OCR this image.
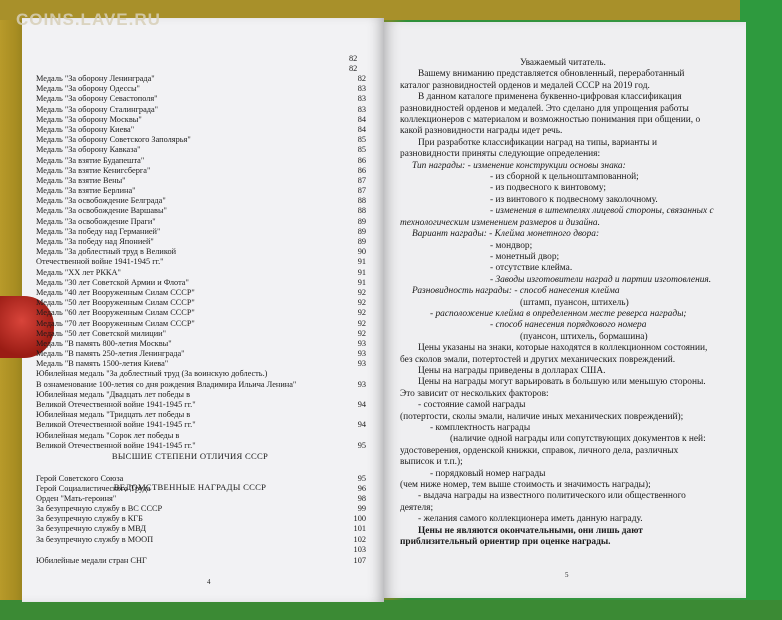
COINS.LAVE.RU
82
82
Медаль "За оборону Ленинграда"	82
Медаль "За оборону Одессы"	83
Медаль "За оборону Севастополя"	83
Медаль "За оборону Сталинграда"	83
Медаль "За оборону Москвы"	84
Медаль "За оборону Киева"	84
Медаль "За оборону Советского Заполярья"	85
Медаль "За оборону Кавказа"	85
Медаль "За взятие Будапешта"	86
Медаль "За взятие Кенигсберга"	86
Медаль "За взятие Вены"	87
Медаль "За взятие Берлина"	87
Медаль "За освобождение Белграда"	88
Медаль "За освобождение Варшавы"	88
Медаль "За освобождение Праги"	89
Медаль "За победу над Германией"	89
Медаль "За победу над Японией"	89
Медаль "За доблестный труд в Великой	90
Отечественной войне 1941-1945 гг."	91
Медаль "XX лет РККА"	91
Медаль "30 лет Советской Армии и Флота"	91
Медаль "40 лет Вооруженным Силам СССР"	92
Медаль "50 лет Вооруженным Силам СССР"	92
Медаль "60 лет Вооруженным Силам СССР"	92
Медаль "70 лет Вооруженным Силам СССР"	92
Медаль "50 лет Советской милиции"	92
Медаль "В память 800-летия Москвы"	93
Медаль "В память 250-летия Ленинграда"	93
Медаль "В память 1500-летия Киева"	93
Юбилейная медаль "За доблестный труд (За воинскую доблесть.)
В ознаменование 100-летия со дня рождения Владимира Ильича Ленина"	93
Юбилейная медаль "Двадцать лет победы в
Великой Отечественной войне 1941-1945 гг."	94
Юбилейная медаль "Тридцать лет победы в
Великой Отечественной войне 1941-1945 гг."	94
Юбилейная медаль "Сорок лет победы в
Великой Отечественной войне 1941-1945 гг."	95
ВЫСШИЕ СТЕПЕНИ ОТЛИЧИЯ СССР
Герой Советского Союза	95
Герой Социалистического Труда	96
Орден "Мать-героиня"	98
ВЕДОМСТВЕННЫЕ НАГРАДЫ СССР
За безупречную службу в ВС СССР	99
За безупречную службу в КГБ	100
За безупречную службу в МВД	101
За безупречную службу в МООП	102
103
Юбилейные медали стран СНГ	107
4
Уважаемый читатель.
Вашему вниманию представляется обновленный, переработанный
каталог разновидностей орденов и медалей СССР на 2019 год.
В данном каталоге применена буквенно-цифровая классификация
разновидностей орденов и медалей. Это сделано для упрощения работы
коллекционеров с материалом и возможностью понимания при общении, о
какой разновидности награды идет речь.
При разработке классификации наград на типы, варианты и
разновидности приняты следующие определения:
Тип награды: - изменение конструкции основы знака:
- из сборной к цельноштампованной;
- из подвесного к винтовому;
- из винтового к подвесному заколочному.
- изменения в штемпелях лицевой стороны, связанных с
технологическим изменением размеров и дизайна.
Вариант награды: - Клейма монетного двора:
- мондвор;
- монетный двор;
- отсутствие клейма.
- Заводы изготовители наград и партии изготовления.
Разновидность награды: - способ нанесения клейма
(штамп, пуансон, штихель)
- расположение клейма в определенном месте реверса награды;
- способ нанесения порядкового номера
(пуансон, штихель, бормашина)
Цены указаны на знаки, которые находятся в коллекционном состоянии,
без сколов эмали, потертостей и других механических повреждений.
Цены на награды приведены в долларах США.
Цены на награды могут варьировать в большую или меньшую стороны.
Это зависит от нескольких факторов:
- состояние самой награды
(потертости, сколы эмали, наличие иных механических повреждений);
- комплектность награды
(наличие одной награды или сопутствующих документов к ней:
удостоверения, орденской книжки, справок, личного дела, различных
выписок и т.п.);
- порядковый номер награды
(чем ниже номер, тем выше стоимость и значимость награды);
- выдача награды на известного политического или общественного
деятеля;
- желания самого коллекционера иметь данную награду.
Цены не являются окончательными, они лишь дают
приблизительный ориентир при оценке награды.
5
